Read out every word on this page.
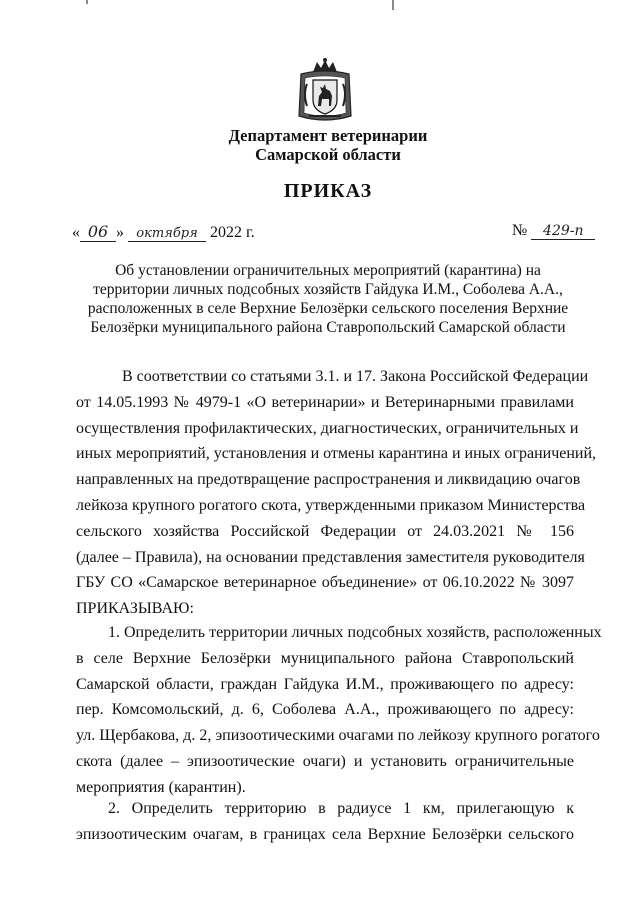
Департамент ветеринарии
Самарской области
ПРИКАЗ
« 06 » октября 2022 г.	№ 429-п
Об установлении ограничительных мероприятий (карантина) на
территории личных подсобных хозяйств Гайдука И.М., Соболева А.А.,
расположенных в селе Верхние Белозёрки сельского поселения Верхние
Белозёрки муниципального района Ставропольский Самарской области
В соответствии со статьями 3.1. и 17. Закона Российской Федерации
от 14.05.1993 № 4979-1 «О ветеринарии» и Ветеринарными правилами
осуществления профилактических, диагностических, ограничительных и
иных мероприятий, установления и отмены карантина и иных ограничений,
направленных на предотвращение распространения и ликвидацию очагов
лейкоза крупного рогатого скота, утвержденными приказом Министерства
сельского хозяйства Российской Федерации от 24.03.2021 № 156
(далее – Правила), на основании представления заместителя руководителя
ГБУ СО «Самарское ветеринарное объединение» от 06.10.2022 № 3097
ПРИКАЗЫВАЮ:
1. Определить территории личных подсобных хозяйств, расположенных
в селе Верхние Белозёрки муниципального района Ставропольский
Самарской области, граждан Гайдука И.М., проживающего по адресу:
пер. Комсомольский, д. 6, Соболева А.А., проживающего по адресу:
ул. Щербакова, д. 2, эпизоотическими очагами по лейкозу крупного рогатого
скота (далее – эпизоотические очаги) и установить ограничительные
мероприятия (карантин).
2. Определить территорию в радиусе 1 км, прилегающую к
эпизоотическим очагам, в границах села Верхние Белозёрки сельского
